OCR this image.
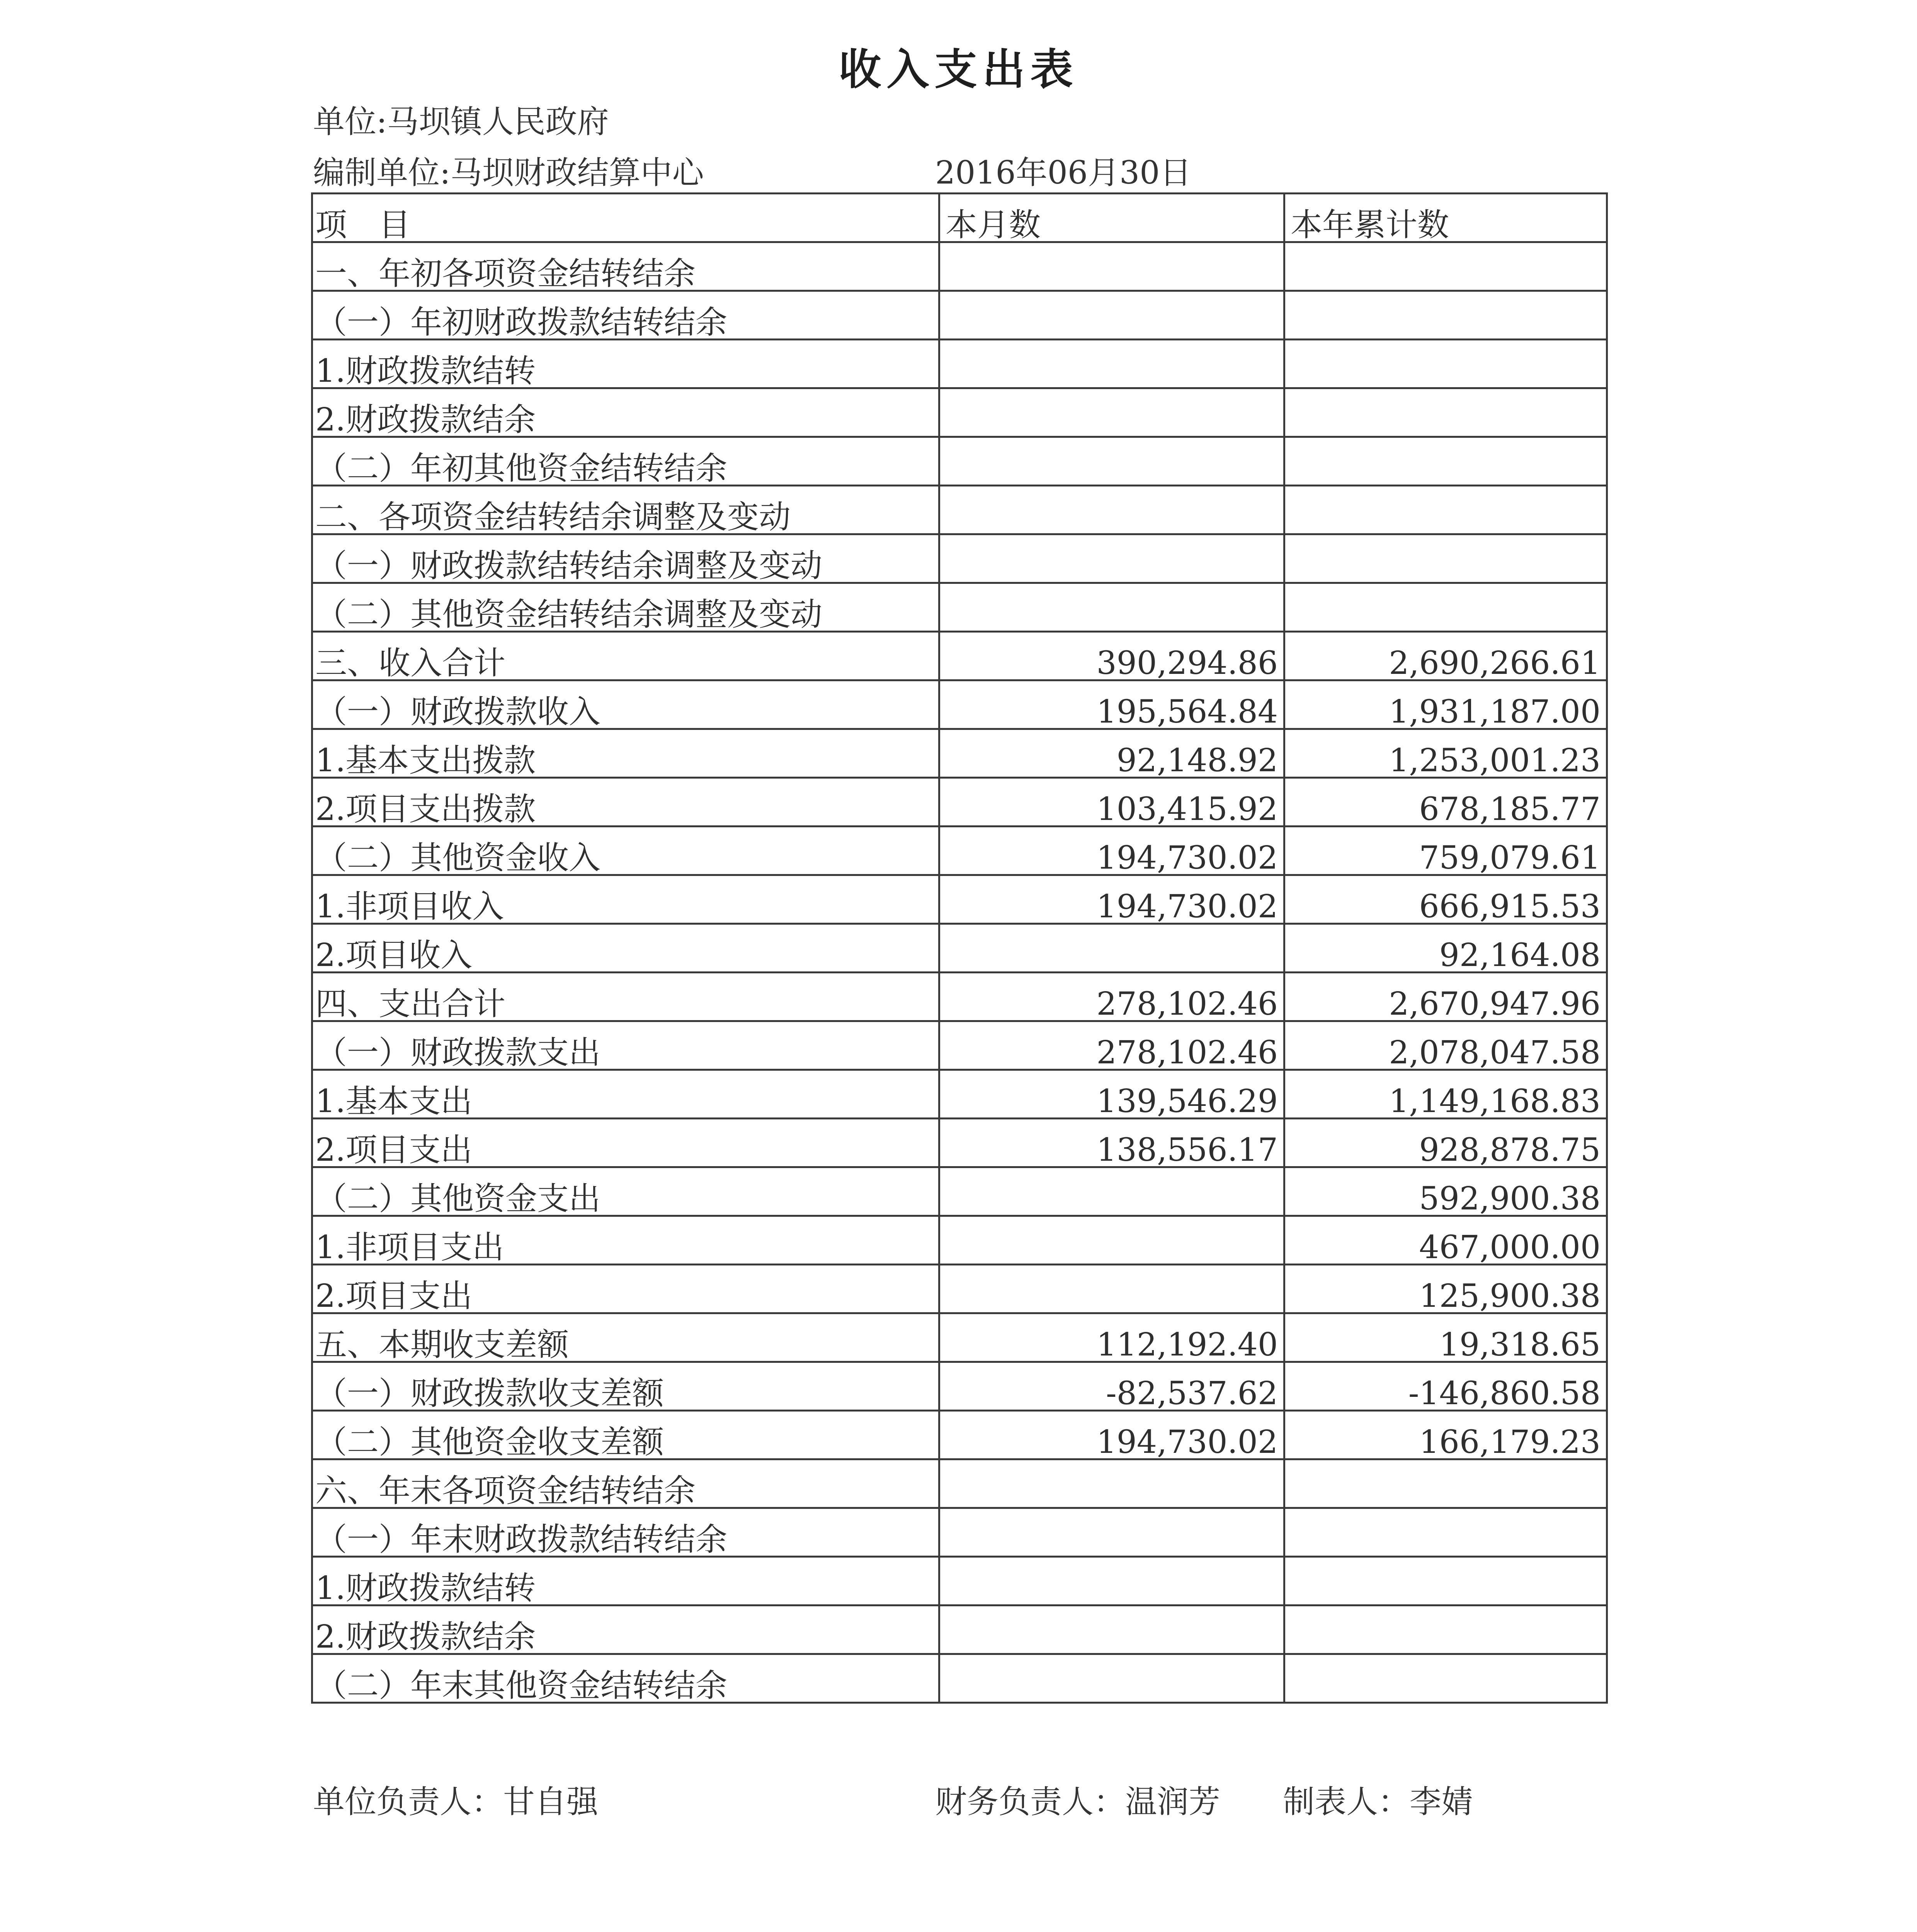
收入支出表
单位:马坝镇人民政府
编制单位:马坝财政结算中心	2016年06月30日
项　目	本月数	本年累计数
一、年初各项资金结转结余		
（一）年初财政拨款结转结余		
1.财政拨款结转		
2.财政拨款结余		
（二）年初其他资金结转结余		
二、各项资金结转结余调整及变动		
（一）财政拨款结转结余调整及变动		
（二）其他资金结转结余调整及变动		
三、收入合计	390,294.86	2,690,266.61
（一）财政拨款收入	195,564.84	1,931,187.00
1.基本支出拨款	92,148.92	1,253,001.23
2.项目支出拨款	103,415.92	678,185.77
（二）其他资金收入	194,730.02	759,079.61
1.非项目收入	194,730.02	666,915.53
2.项目收入		92,164.08
四、支出合计	278,102.46	2,670,947.96
（一）财政拨款支出	278,102.46	2,078,047.58
1.基本支出	139,546.29	1,149,168.83
2.项目支出	138,556.17	928,878.75
（二）其他资金支出		592,900.38
1.非项目支出		467,000.00
2.项目支出		125,900.38
五、本期收支差额	112,192.40	19,318.65
（一）财政拨款收支差额	-82,537.62	-146,860.58
（二）其他资金收支差额	194,730.02	166,179.23
六、年末各项资金结转结余		
（一）年末财政拨款结转结余		
1.财政拨款结转		
2.财政拨款结余		
（二）年末其他资金结转结余		
单位负责人：甘自强	财务负责人：温润芳 制表人：李婧
